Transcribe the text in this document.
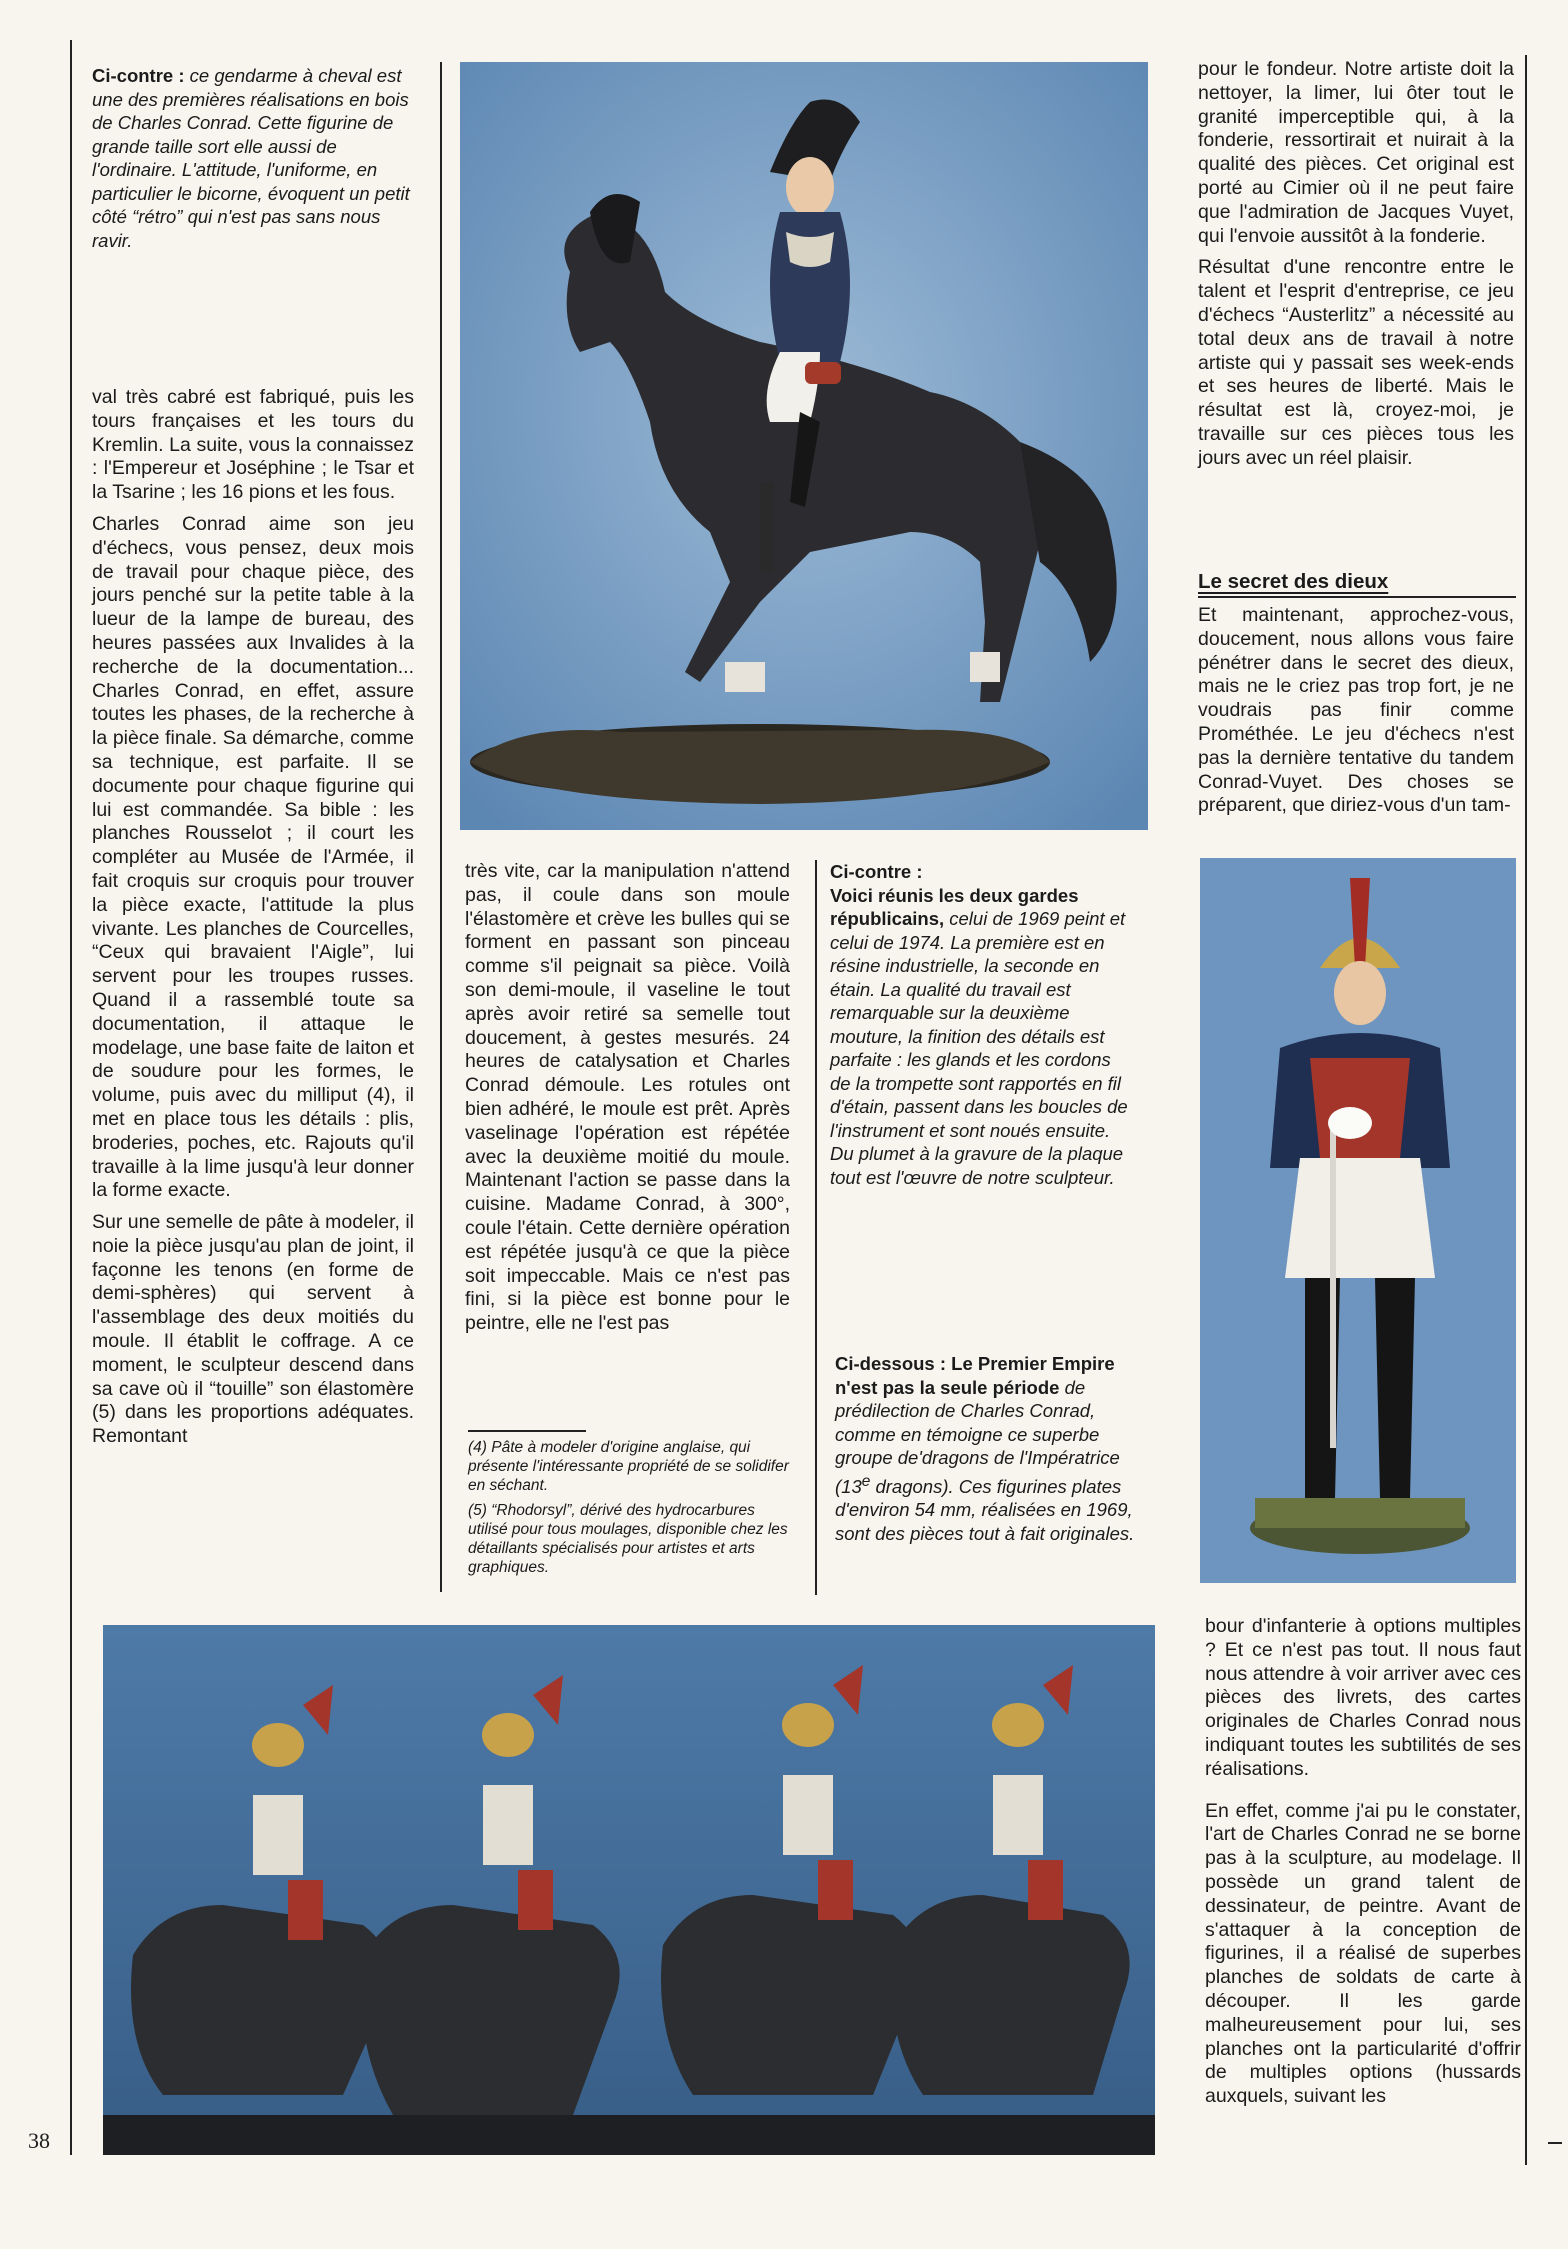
Ci-contre : ce gendarme à cheval est une des premières réalisations en bois de Charles Conrad. Cette figurine de grande taille sort elle aussi de l'ordinaire. L'attitude, l'uniforme, en particulier le bicorne, évoquent un petit côté “rétro” qui n'est pas sans nous ravir.

val très cabré est fabriqué, puis les tours françaises et les tours du Kremlin. La suite, vous la connaissez : l'Empereur et Joséphine ; le Tsar et la Tsarine ; les 16 pions et les fous.

Charles Conrad aime son jeu d'échecs, vous pensez, deux mois de travail pour chaque pièce, des jours penché sur la petite table à la lueur de la lampe de bureau, des heures passées aux Invalides à la recherche de la documentation... Charles Conrad, en effet, assure toutes les phases, de la recherche à la pièce finale. Sa démarche, comme sa technique, est parfaite. Il se documente pour chaque figurine qui lui est commandée. Sa bible : les planches Rousselot ; il court les compléter au Musée de l'Armée, il fait croquis sur croquis pour trouver la pièce exacte, l'attitude la plus vivante. Les planches de Courcelles, “Ceux qui bravaient l'Aigle”, lui servent pour les troupes russes. Quand il a rassemblé toute sa documentation, il attaque le modelage, une base faite de laiton et de soudure pour les formes, le volume, puis avec du milliput (4), il met en place tous les détails : plis, broderies, poches, etc. Rajouts qu'il travaille à la lime jusqu'à leur donner la forme exacte.

Sur une semelle de pâte à modeler, il noie la pièce jusqu'au plan de joint, il façonne les tenons (en forme de demi-sphères) qui servent à l'assemblage des deux moitiés du moule. Il établit le coffrage. A ce moment, le sculpteur descend dans sa cave où il “touille” son élastomère (5) dans les proportions adéquates. Remontant

très vite, car la manipulation n'attend pas, il coule dans son moule l'élastomère et crève les bulles qui se forment en passant son pinceau comme s'il peignait sa pièce. Voilà son demi-moule, il vaseline le tout après avoir retiré sa semelle tout doucement, à gestes mesurés. 24 heures de catalysation et Charles Conrad démoule. Les rotules ont bien adhéré, le moule est prêt. Après vaselinage l'opération est répétée avec la deuxième moitié du moule. Maintenant l'action se passe dans la cuisine. Madame Conrad, à 300°, coule l'étain. Cette dernière opération est répétée jusqu'à ce que la pièce soit impeccable. Mais ce n'est pas fini, si la pièce est bonne pour le peintre, elle ne l'est pas

(4) Pâte à modeler d'origine anglaise, qui présente l'intéressante propriété de se solidifer en séchant.

(5) “Rhodorsyl”, dérivé des hydrocarbures utilisé pour tous moulages, disponible chez les détaillants spécialisés pour artistes et arts graphiques.

Ci-contre :
Voici réunis les deux gardes républicains, celui de 1969 peint et celui de 1974. La première est en résine industrielle, la seconde en étain. La qualité du travail est remarquable sur la deuxième mouture, la finition des détails est parfaite : les glands et les cordons de la trompette sont rapportés en fil d'étain, passent dans les boucles de l'instrument et sont noués ensuite. Du plumet à la gravure de la plaque tout est l'œuvre de notre sculpteur.
Ci-dessous : Le Premier Empire n'est pas la seule période de prédilection de Charles Conrad, comme en témoigne ce superbe groupe de'dragons de l'Impératrice (13e dragons). Ces figurines plates d'environ 54 mm, réalisées en 1969, sont des pièces tout à fait originales.

pour le fondeur. Notre artiste doit la nettoyer, la limer, lui ôter tout le granité imperceptible qui, à la fonderie, ressortirait et nuirait à la qualité des pièces. Cet original est porté au Cimier où il ne peut faire que l'admiration de Jacques Vuyet, qui l'envoie aussitôt à la fonderie.

Résultat d'une rencontre entre le talent et l'esprit d'entreprise, ce jeu d'échecs “Austerlitz” a nécessité au total deux ans de travail à notre artiste qui y passait ses week-ends et ses heures de liberté. Mais le résultat est là, croyez-moi, je travaille sur ces pièces tous les jours avec un réel plaisir.

Le secret des dieux

Et maintenant, approchez-vous, doucement, nous allons vous faire pénétrer dans le secret des dieux, mais ne le criez pas trop fort, je ne voudrais pas finir comme Prométhée. Le jeu d'échecs n'est pas la dernière tentative du tandem Conrad-Vuyet. Des choses se préparent, que diriez-vous d'un tam-

bour d'infanterie à options multiples ? Et ce n'est pas tout. Il nous faut nous attendre à voir arriver avec ces pièces des livrets, des cartes originales de Charles Conrad nous indiquant toutes les subtilités de ses réalisations.

En effet, comme j'ai pu le constater, l'art de Charles Conrad ne se borne pas à la sculpture, au modelage. Il possède un grand talent de dessinateur, de peintre. Avant de s'attaquer à la conception de figurines, il a réalisé de superbes planches de soldats de carte à découper. Il les garde malheureusement pour lui, ses planches ont la particularité d'offrir de multiples options (hussards auxquels, suivant les

38
